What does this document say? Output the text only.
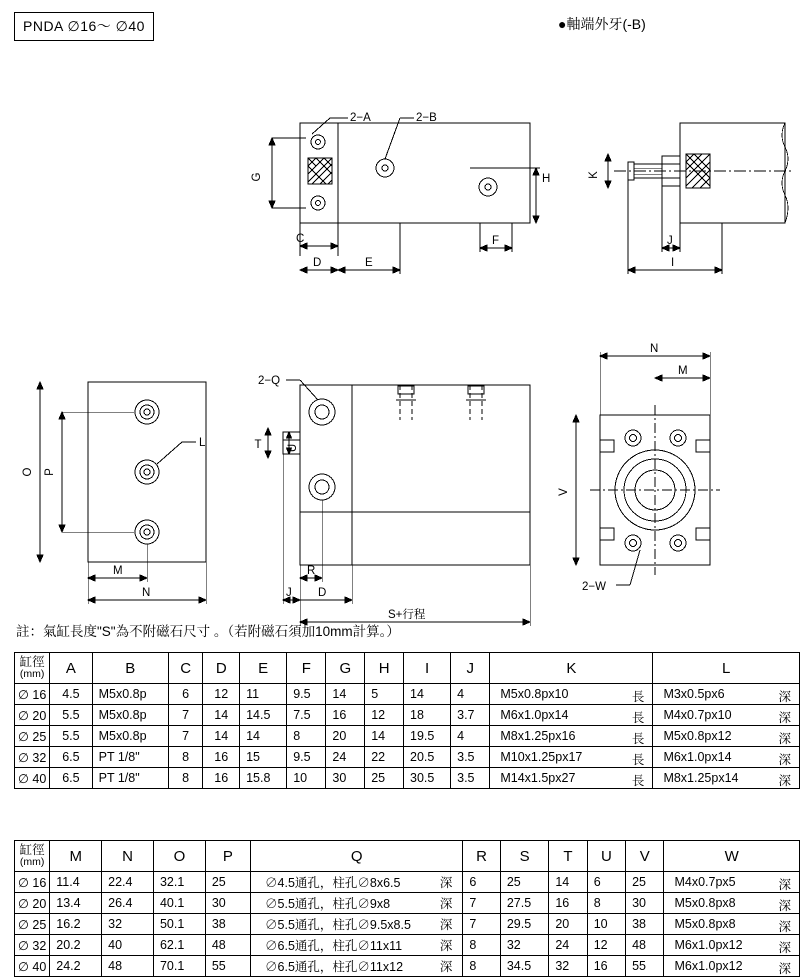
PNDA ∅16～ ∅40	●軸端外牙(-B)
2−A	2−B
G
C
D	E
F
H	K
J
I
O P
L
M
N
2−Q
T U
J
R
D
S+行程
N
M
V
2−W
註：氣缸長度"S"為不附磁石尺寸 。（若附磁石須加10mm計算。）
缸徑
(mm)	A	B	C	D	E	F	G	H	I	J	K	L
∅ 16	4.5	M5x0.8p	6	12	11	9.5	14	5	14	4	M5x0.8px10 長	M3x0.5px6 深

∅ 20	5.5	M5x0.8p	7	14	14.5	7.5	16	12	18	3.7	M6x1.0px14 長	M4x0.7px10 深

∅ 25	5.5	M5x0.8p	7	14	14	8	20	14	19.5	4	M8x1.25px16 長	M5x0.8px12 深

∅ 32	6.5	PT 1/8"	8	16	15	9.5	24	22	20.5	3.5	M10x1.25px17 長	M6x1.0px14 深

∅ 40	6.5	PT 1/8"	8	16	15.8	10	30	25	30.5	3.5	M14x1.5px27 長	M8x1.25px14 深
缸徑
(mm)	M	N	O	P	Q	R	S	T	U	V	W
∅ 16	11.4	22.4	32.1	25	∅4.5通孔，柱孔∅8x6.5 深	6	25	14	6	25	M4x0.7px5 深

∅ 20	13.4	26.4	40.1	30	∅5.5通孔，柱孔∅9x8 深	7	27.5	16	8	30	M5x0.8px8 深

∅ 25	16.2	32	50.1	38	∅5.5通孔，柱孔∅9.5x8.5 深	7	29.5	20	10	38	M5x0.8px8 深

∅ 32	20.2	40	62.1	48	∅6.5通孔，柱孔∅11x11 深	8	32	24	12	48	M6x1.0px12 深

∅ 40	24.2	48	70.1	55	∅6.5通孔，柱孔∅11x12 深	8	34.5	32	16	55	M6x1.0px12 深
